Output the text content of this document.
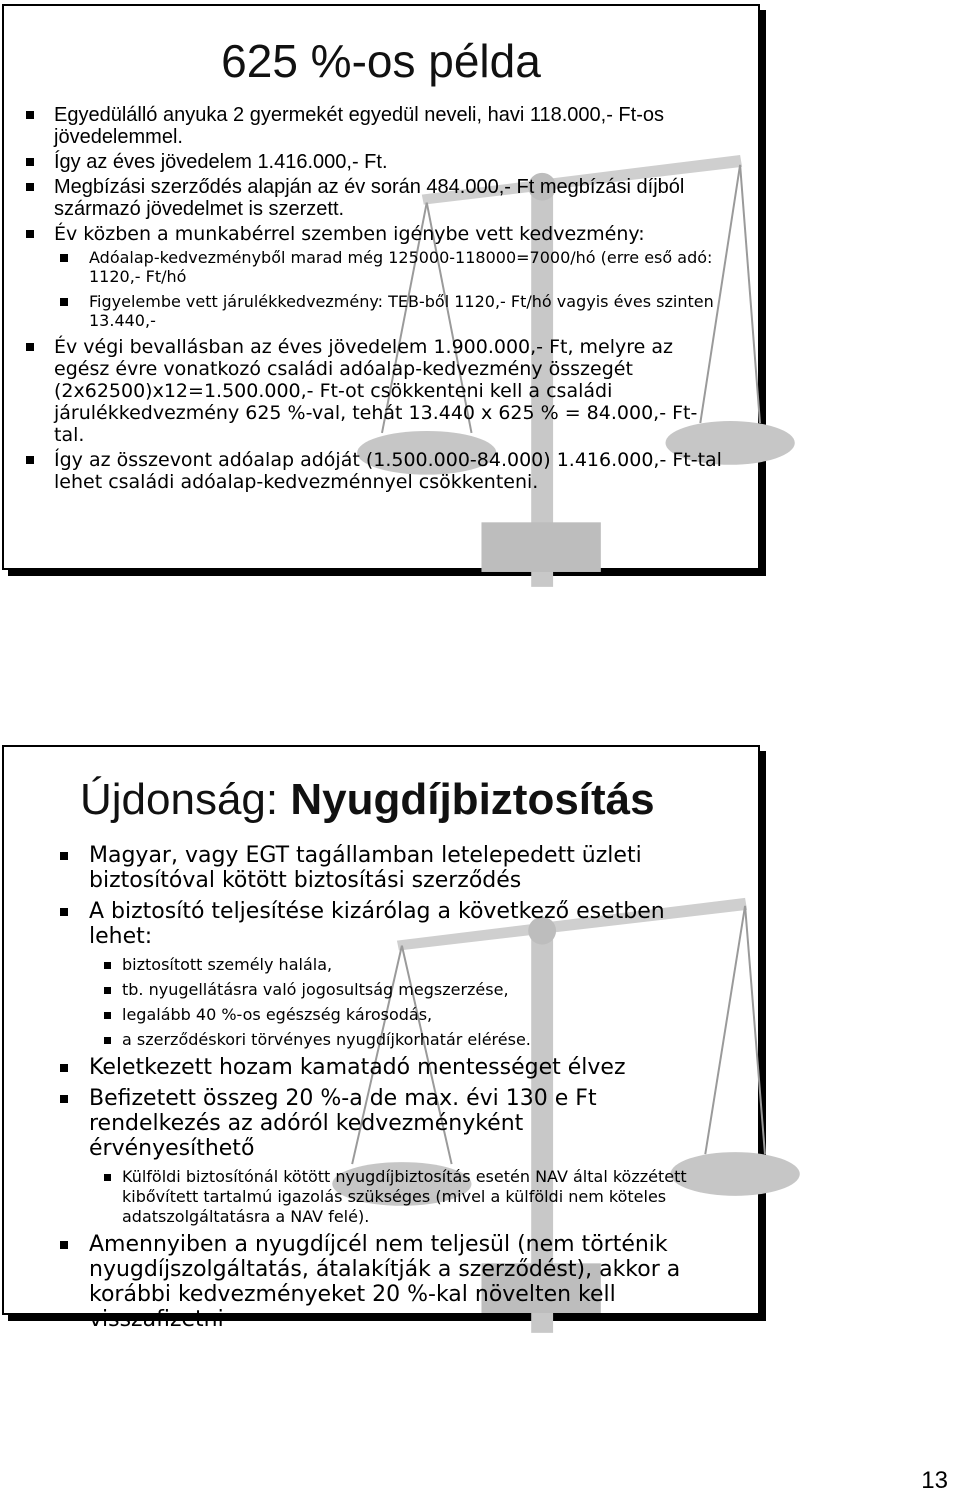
625 %-os példa
Egyedülálló anyuka 2 gyermekét egyedül neveli, havi 118.000,- Ft-os jövedelemmel.
Így az éves jövedelem 1.416.000,- Ft.
Megbízási szerződés alapján az év során 484.000,- Ft megbízási díjból származó jövedelmet is szerzett.
Év közben a munkabérrel szemben igénybe vett kedvezmény:
Adóalap-kedvezményből marad még 125000-118000=7000/hó (erre eső adó: 1120,- Ft/hó
Figyelembe vett járulékkedvezmény: TEB-ből 1120,- Ft/hó vagyis éves szinten 13.440,-
Év végi bevallásban az éves jövedelem 1.900.000,- Ft, melyre az egész évre vonatkozó családi adóalap-kedvezmény összegét (2x62500)x12=1.500.000,- Ft-ot csökkenteni kell a családi járulékkedvezmény 625 %-val, tehát 13.440 x 625 % = 84.000,- Ft-tal.
Így az összevont adóalap adóját (1.500.000-84.000) 1.416.000,- Ft-tal lehet családi adóalap-kedvezménnyel csökkenteni.
Újdonság: Nyugdíjbiztosítás
Magyar, vagy EGT tagállamban letelepedett üzleti biztosítóval kötött biztosítási szerződés
A biztosító teljesítése kizárólag a következő esetben lehet:
biztosított személy halála,
tb. nyugellátásra való jogosultság megszerzése,
legalább 40 %-os egészség károsodás,
a szerződéskori törvényes nyugdíjkorhatár elérése.
Keletkezett hozam kamatadó mentességet élvez
Befizetett összeg 20 %-a de max. évi 130 e Ft rendelkezés az adóról kedvezményként érvényesíthető
Külföldi biztosítónál kötött nyugdíjbiztosítás esetén NAV által közzétett kibővített tartalmú igazolás szükséges (mivel a külföldi nem köteles adatszolgáltatásra a NAV felé).
Amennyiben a nyugdíjcél nem teljesül (nem történik nyugdíjszolgáltatás, átalakítják a szerződést), akkor a korábbi kedvezményeket 20 %-kal növelten kell visszafizetni
13
